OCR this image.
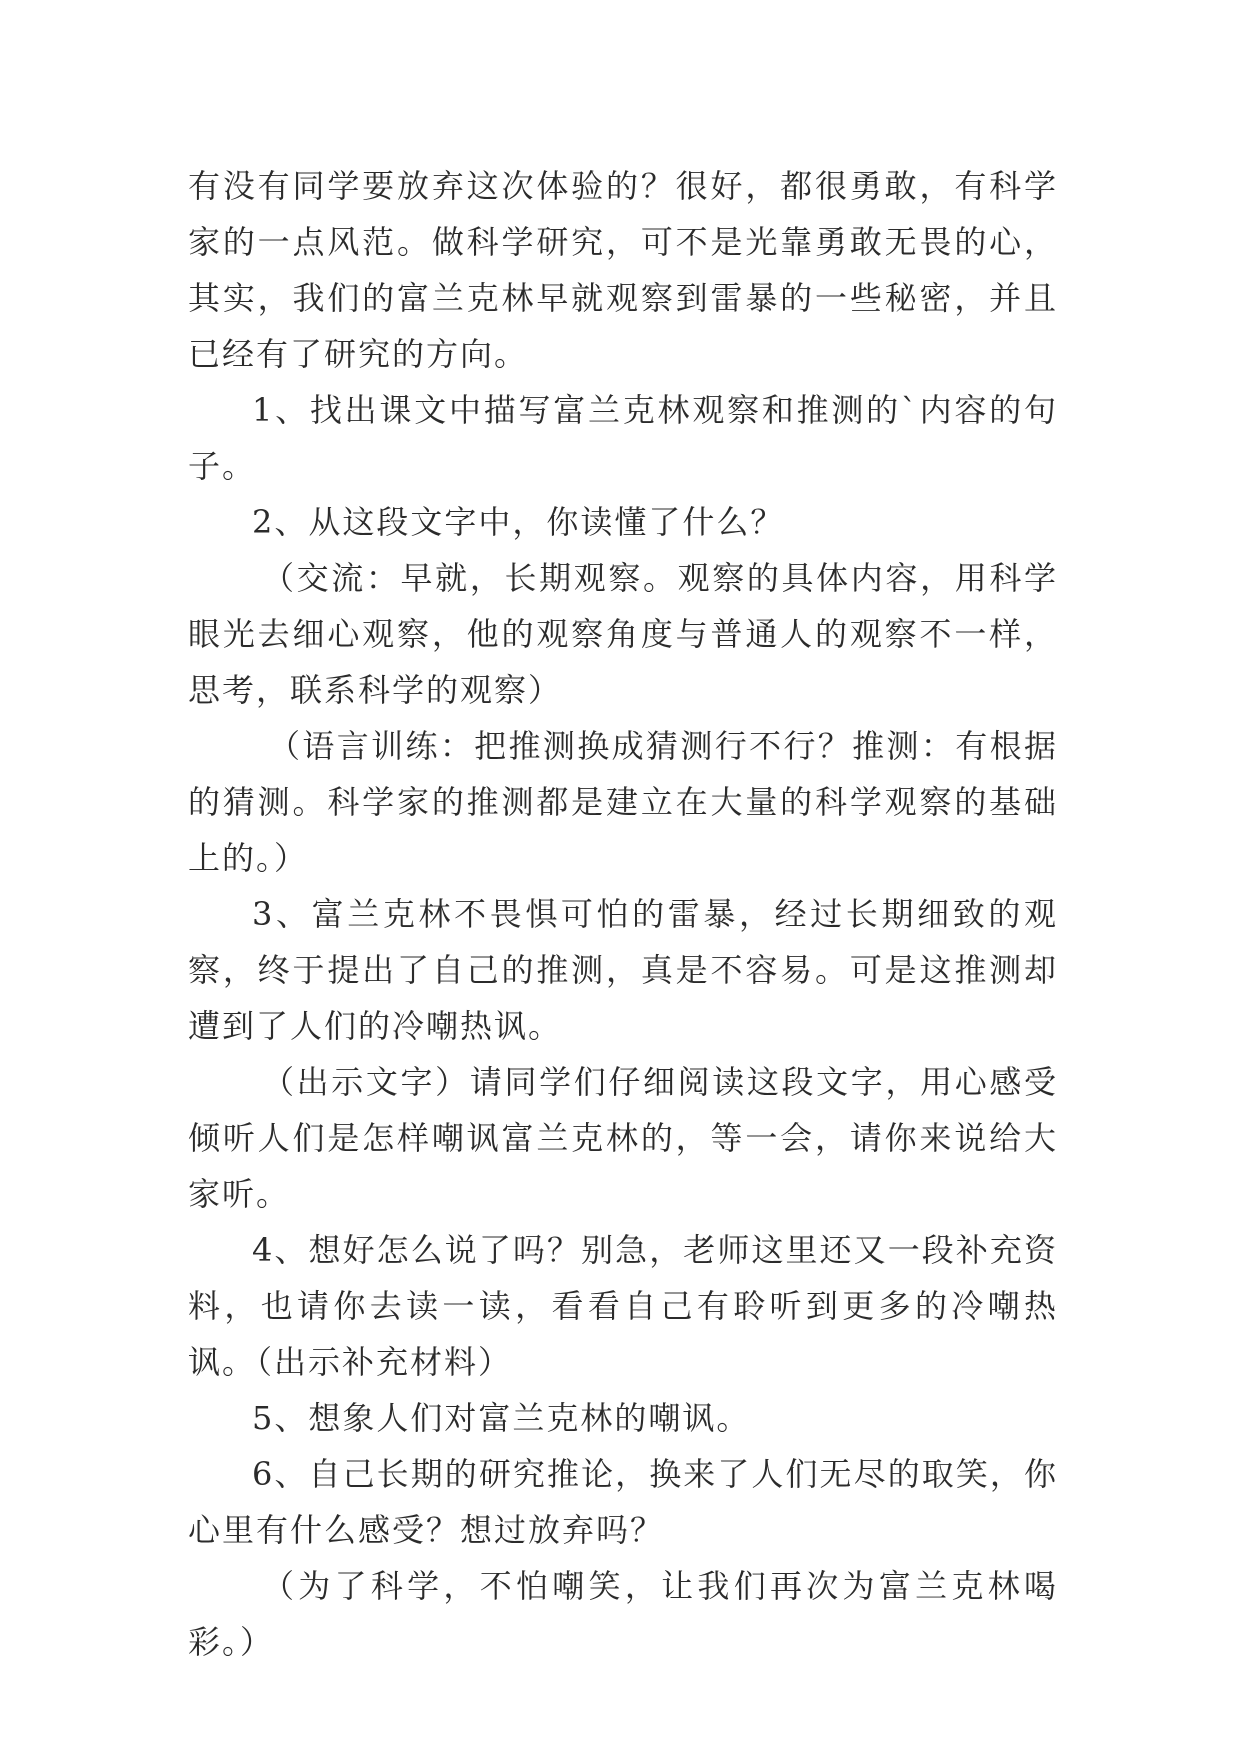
有没有同学要放弃这次体验的？很好，都很勇敢，有科学家的一点风范。做科学研究，可不是光靠勇敢无畏的心，其实，我们的富兰克林早就观察到雷暴的一些秘密，并且已经有了研究的方向。

1、找出课文中描写富兰克林观察和推测的`内容的句子。

2、从这段文字中，你读懂了什么？

（交流：早就，长期观察。观察的具体内容，用科学眼光去细心观察，他的观察角度与普通人的观察不一样，思考，联系科学的观察）

（语言训练：把推测换成猜测行不行？推测：有根据的猜测。科学家的推测都是建立在大量的科学观察的基础上的。）

3、富兰克林不畏惧可怕的雷暴，经过长期细致的观察，终于提出了自己的推测，真是不容易。可是这推测却遭到了人们的冷嘲热讽。

（出示文字）请同学们仔细阅读这段文字，用心感受倾听人们是怎样嘲讽富兰克林的，等一会，请你来说给大家听。

4、想好怎么说了吗？别急，老师这里还又一段补充资料，也请你去读一读，看看自己有聆听到更多的冷嘲热讽。（出示补充材料）

5、想象人们对富兰克林的嘲讽。

6、自己长期的研究推论，换来了人们无尽的取笑，你心里有什么感受？想过放弃吗？

（为了科学，不怕嘲笑，让我们再次为富兰克林喝彩。）
